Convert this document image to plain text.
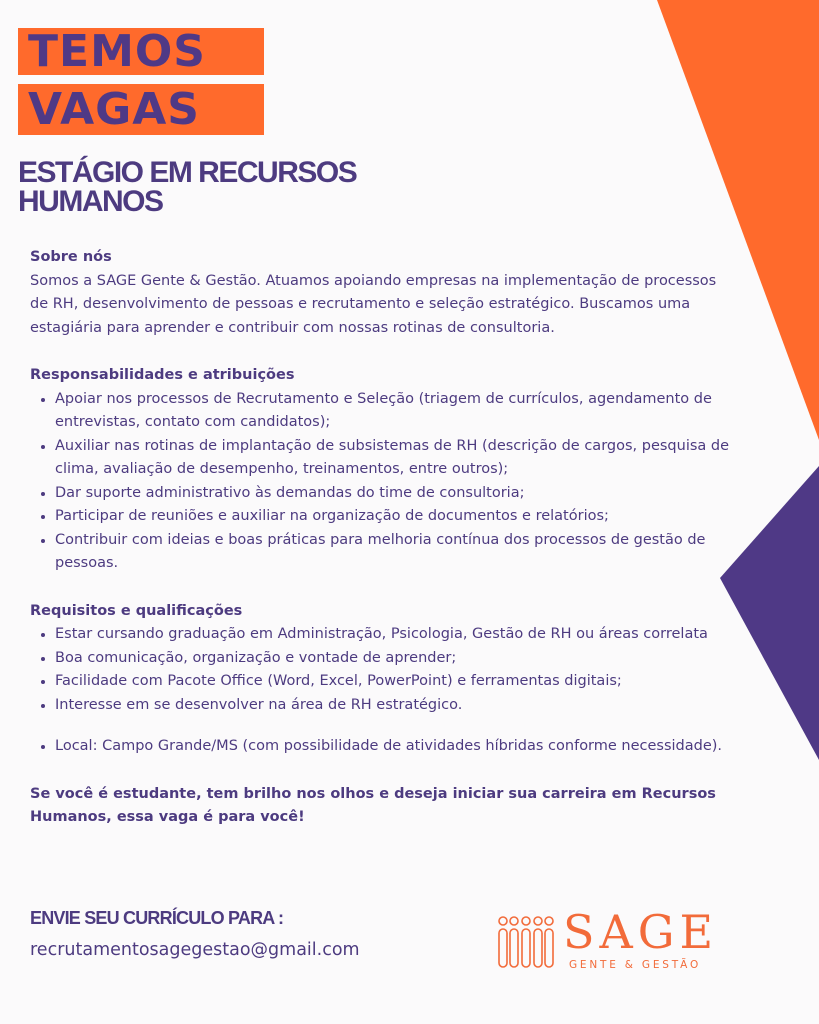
TEMOS
VAGAS
ESTÁGIO EM RECURSOS
HUMANOS

Sobre nós

Somos a SAGE Gente & Gestão. Atuamos apoiando empresas na implementação de processos de RH, desenvolvimento de pessoas e recrutamento e seleção estratégico. Buscamos uma estagiária para aprender e contribuir com nossas rotinas de consultoria.

Responsabilidades e atribuições

• Apoiar nos processos de Recrutamento e Seleção (triagem de currículos, agendamento de entrevistas, contato com candidatos);
• Auxiliar nas rotinas de implantação de subsistemas de RH (descrição de cargos, pesquisa de clima, avaliação de desempenho, treinamentos, entre outros);
• Dar suporte administrativo às demandas do time de consultoria;
• Participar de reuniões e auxiliar na organização de documentos e relatórios;
• Contribuir com ideias e boas práticas para melhoria contínua dos processos de gestão de pessoas.

Requisitos e qualificações

• Estar cursando graduação em Administração, Psicologia, Gestão de RH ou áreas correlata
• Boa comunicação, organização e vontade de aprender;
• Facilidade com Pacote Office (Word, Excel, PowerPoint) e ferramentas digitais;
• Interesse em se desenvolver na área de RH estratégico.
• Local: Campo Grande/MS (com possibilidade de atividades híbridas conforme necessidade).

Se você é estudante, tem brilho nos olhos e deseja iniciar sua carreira em Recursos Humanos, essa vaga é para você!

ENVIE SEU CURRÍCULO PARA :

recrutamentosagegestao@gmail.com	SAGE
GENTE & GESTÃO
